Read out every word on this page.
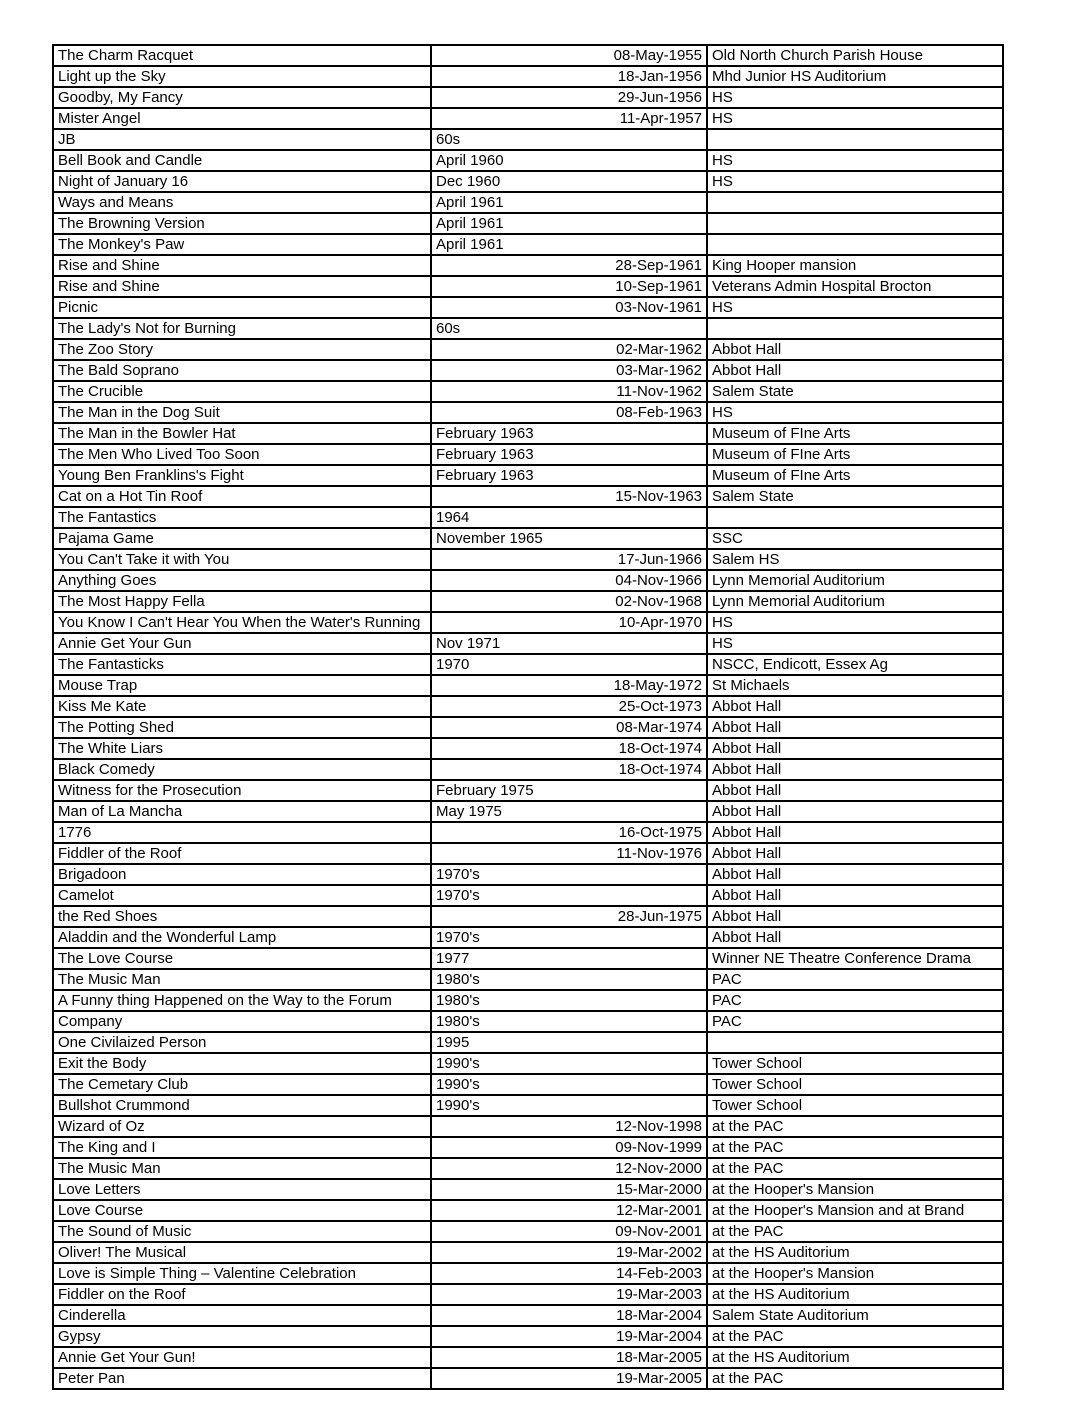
The Charm Racquet	08-May-1955	Old North Church Parish House
Light up the Sky	18-Jan-1956	Mhd Junior HS Auditorium
Goodby, My Fancy	29-Jun-1956	HS
Mister Angel	11-Apr-1957	HS
JB	60s	
Bell Book and Candle	April 1960	HS
Night of January 16	Dec 1960	HS
Ways and Means	April 1961	
The Browning Version	April 1961	
The Monkey's Paw	April 1961	
Rise and Shine	28-Sep-1961	King Hooper mansion
Rise and Shine	10-Sep-1961	Veterans Admin Hospital Brocton
Picnic	03-Nov-1961	HS
The Lady's Not for Burning	60s	
The Zoo Story	02-Mar-1962	Abbot Hall
The Bald Soprano	03-Mar-1962	Abbot Hall
The Crucible	11-Nov-1962	Salem State
The Man in the Dog Suit	08-Feb-1963	HS
The Man in the Bowler Hat	February 1963	Museum of FIne Arts
The Men Who Lived Too Soon	February 1963	Museum of FIne Arts
Young Ben Franklins's Fight	February 1963	Museum of FIne Arts
Cat on a Hot Tin Roof	15-Nov-1963	Salem State
The Fantastics	1964	
Pajama Game	November 1965	SSC
You Can't Take it with You	17-Jun-1966	Salem HS
Anything Goes	04-Nov-1966	Lynn Memorial Auditorium
The Most Happy Fella	02-Nov-1968	Lynn Memorial Auditorium
You Know I Can't Hear You When the Water's Running	10-Apr-1970	HS
Annie Get Your Gun	Nov 1971	HS
The Fantasticks	1970	NSCC, Endicott, Essex Ag
Mouse Trap	18-May-1972	St Michaels
Kiss Me Kate	25-Oct-1973	Abbot Hall
The Potting Shed	08-Mar-1974	Abbot Hall
The White Liars	18-Oct-1974	Abbot Hall
Black Comedy	18-Oct-1974	Abbot Hall
Witness for the Prosecution	February 1975	Abbot Hall
Man of La Mancha	May 1975	Abbot Hall
1776	16-Oct-1975	Abbot Hall
Fiddler of the Roof	11-Nov-1976	Abbot Hall
Brigadoon	1970's	Abbot Hall
Camelot	1970's	Abbot Hall
the Red Shoes	28-Jun-1975	Abbot Hall
Aladdin and the Wonderful Lamp	1970's	Abbot Hall
The Love Course	1977	Winner NE Theatre Conference Drama
The Music Man	1980's	PAC
A Funny thing Happened on the Way to the Forum	1980's	PAC
Company	1980's	PAC
One Civilaized Person	1995	
Exit the Body	1990's	Tower School
The Cemetary Club	1990's	Tower School
Bullshot Crummond	1990's	Tower School
Wizard of Oz	12-Nov-1998	at the PAC
The King and I	09-Nov-1999	at the PAC
The Music Man	12-Nov-2000	at the PAC
Love Letters	15-Mar-2000	at the Hooper's Mansion
Love Course	12-Mar-2001	at the Hooper's Mansion and at Brand
The Sound of Music	09-Nov-2001	at the PAC
Oliver! The Musical	19-Mar-2002	at the HS Auditorium
Love is Simple Thing – Valentine Celebration	14-Feb-2003	at the Hooper's Mansion
Fiddler on the Roof	19-Mar-2003	at the HS Auditorium
Cinderella	18-Mar-2004	Salem State Auditorium
Gypsy	19-Mar-2004	at the PAC
Annie Get Your Gun!	18-Mar-2005	at the HS Auditorium
Peter Pan	19-Mar-2005	at the PAC
